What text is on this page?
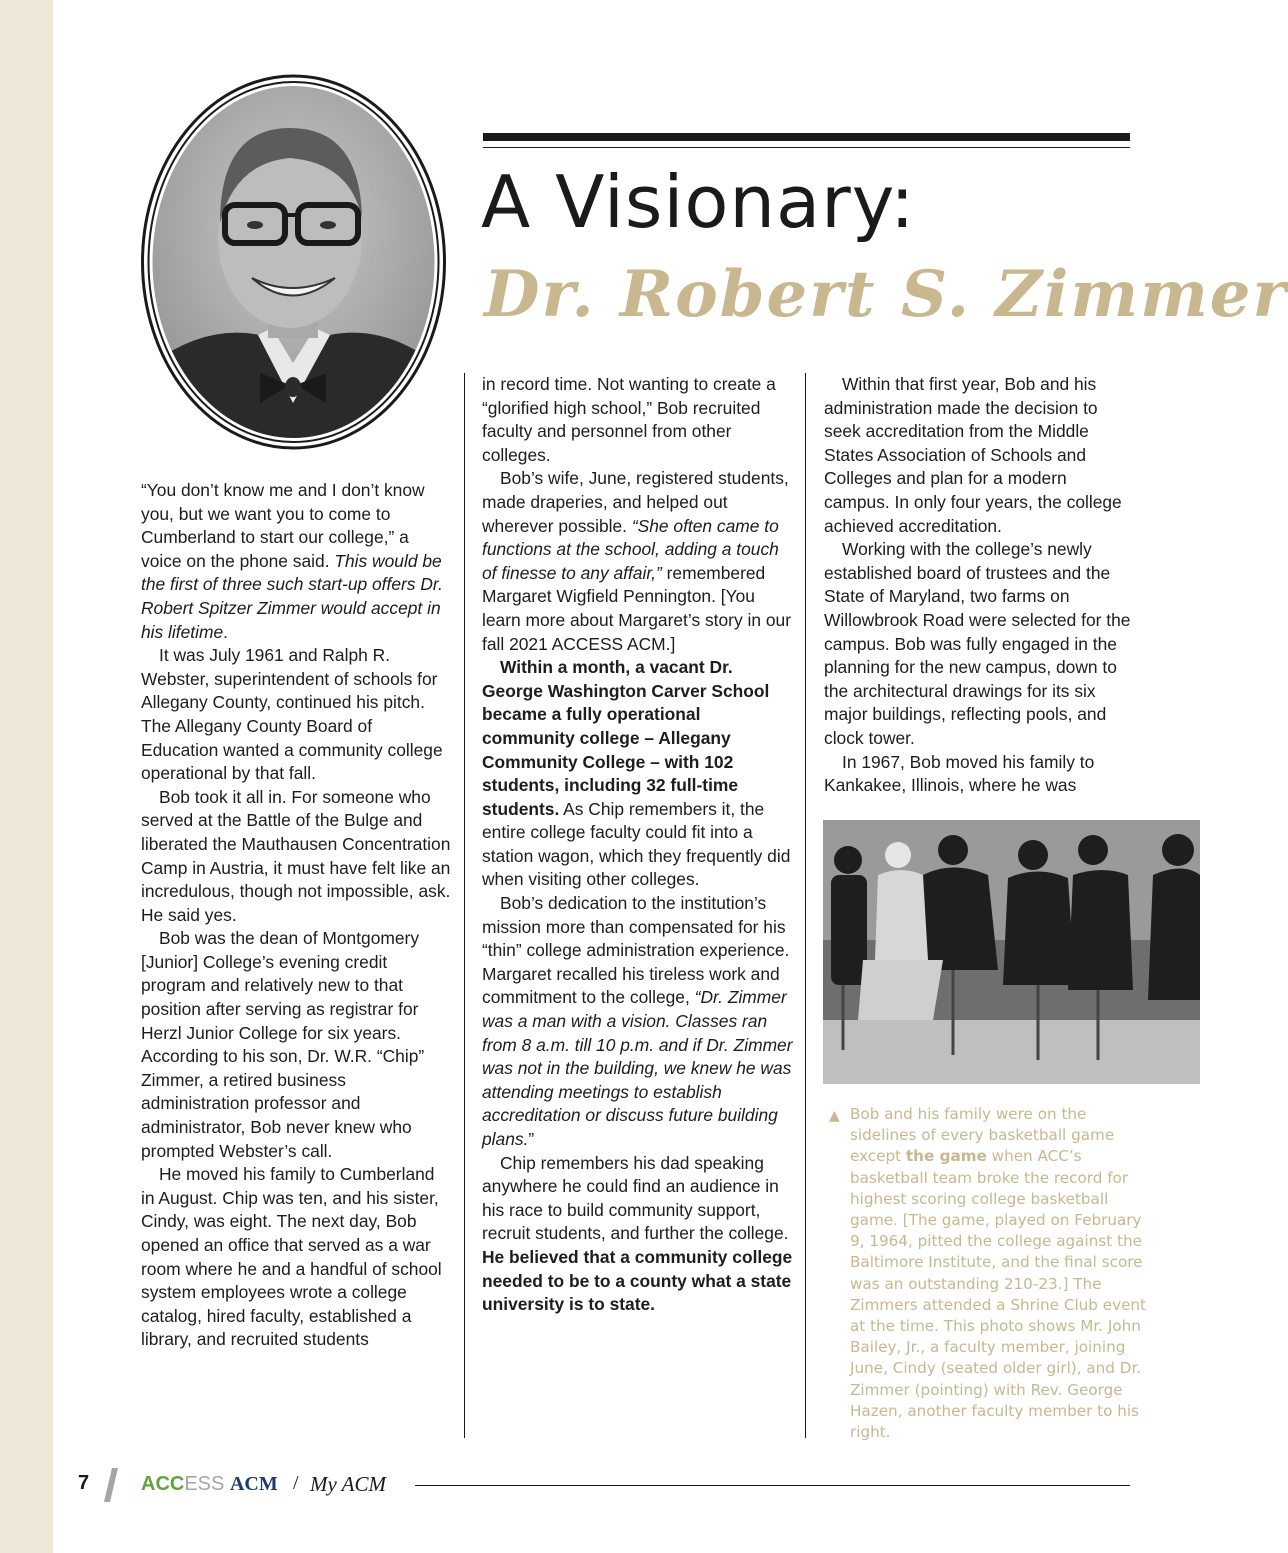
A Visionary:
Dr. Robert S. Zimmer

“You don’t know me and I don’t know you, but we want you to come to Cumberland to start our college,” a voice on the phone said. This would be the first of three such start-up offers Dr. Robert Spitzer Zimmer would accept in his lifetime.

It was July 1961 and Ralph R. Webster, superintendent of schools for Allegany County, continued his pitch. The Allegany County Board of Education wanted a community college operational by that fall.

Bob took it all in. For someone who served at the Battle of the Bulge and liberated the Mauthausen Concentration Camp in Austria, it must have felt like an incredulous, though not impossible, ask.

He said yes.

Bob was the dean of Montgomery [Junior] College’s evening credit program and relatively new to that position after serving as registrar for Herzl Junior College for six years. According to his son, Dr. W.R. “Chip” Zimmer, a retired business administration professor and administrator, Bob never knew who prompted Webster’s call.

He moved his family to Cumberland in August. Chip was ten, and his sister, Cindy, was eight. The next day, Bob opened an office that served as a war room where he and a handful of school system employees wrote a college catalog, hired faculty, established a library, and recruited students

in record time. Not wanting to create a “glorified high school,” Bob recruited faculty and personnel from other colleges.

Bob’s wife, June, registered students, made draperies, and helped out wherever possible. “She often came to functions at the school, adding a touch of finesse to any affair,” remembered Margaret Wigfield Pennington. [You learn more about Margaret’s story in our fall 2021 ACCESS ACM.]

Within a month, a vacant Dr. George Washington Carver School became a fully operational community college – Allegany Community College – with 102 students, including 32 full-time students. As Chip remembers it, the entire college faculty could fit into a station wagon, which they frequently did when visiting other colleges.

Bob’s dedication to the institution’s mission more than compensated for his “thin” college administration experience. Margaret recalled his tireless work and commitment to the college, “Dr. Zimmer was a man with a vision. Classes ran from 8 a.m. till 10 p.m. and if Dr. Zimmer was not in the building, we knew he was attending meetings to establish accreditation or discuss future building plans.”

Chip remembers his dad speaking anywhere he could find an audience in his race to build community support, recruit students, and further the college. He believed that a community college needed to be to a county what a state university is to state.

Within that first year, Bob and his administration made the decision to seek accreditation from the Middle States Association of Schools and Colleges and plan for a modern campus. In only four years, the college achieved accreditation.

Working with the college’s newly established board of trustees and the State of Maryland, two farms on Willowbrook Road were selected for the campus. Bob was fully engaged in the planning for the new campus, down to the architectural drawings for its six major buildings, reflecting pools, and clock tower.

In 1967, Bob moved his family to Kankakee, Illinois, where he was

▲ Bob and his family were on the sidelines of every basketball game except the game when ACC’s basketball team broke the record for highest scoring college basketball game. [The game, played on February 9, 1964, pitted the college against the Baltimore Institute, and the final score was an outstanding 210-23.] The Zimmers attended a Shrine Club event at the time. This photo shows Mr. John Bailey, Jr., a faculty member, joining June, Cindy (seated older girl), and Dr. Zimmer (pointing) with Rev. George Hazen, another faculty member to his right.
7	ACCESS ACM / My ACM
